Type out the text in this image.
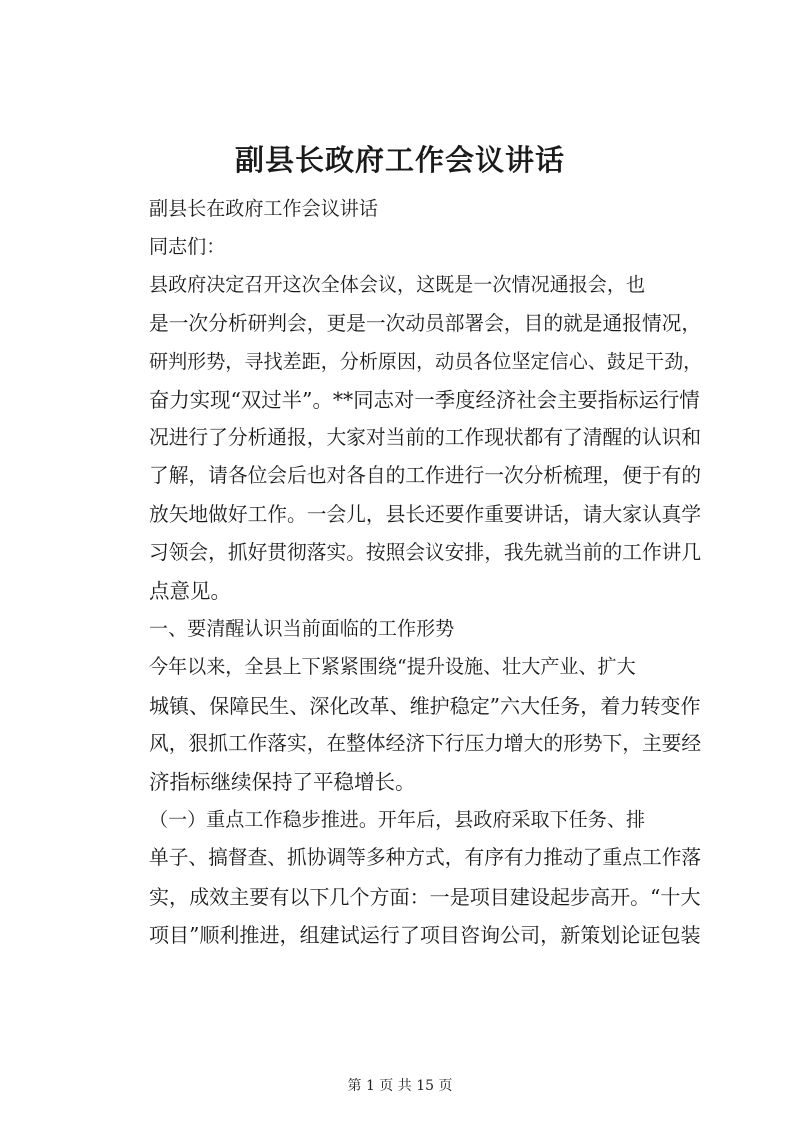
副县长政府工作会议讲话

副县长在政府工作会议讲话

同志们：

县政府决定召开这次全体会议，这既是一次情况通报会，也
是一次分析研判会，更是一次动员部署会，目的就是通报情况，
研判形势，寻找差距，分析原因，动员各位坚定信心、鼓足干劲，
奋力实现“双过半”。**同志对一季度经济社会主要指标运行情
况进行了分析通报，大家对当前的工作现状都有了清醒的认识和
了解，请各位会后也对各自的工作进行一次分析梳理，便于有的
放矢地做好工作。一会儿，县长还要作重要讲话，请大家认真学
习领会，抓好贯彻落实。按照会议安排，我先就当前的工作讲几
点意见。

一、要清醒认识当前面临的工作形势

今年以来，全县上下紧紧围绕“提升设施、壮大产业、扩大
城镇、保障民生、深化改革、维护稳定”六大任务，着力转变作
风，狠抓工作落实，在整体经济下行压力增大的形势下，主要经
济指标继续保持了平稳增长。

（一）重点工作稳步推进。开年后，县政府采取下任务、排
单子、搞督查、抓协调等多种方式，有序有力推动了重点工作落
实，成效主要有以下几个方面：一是项目建设起步高开。“十大
项目”顺利推进，组建试运行了项目咨询公司，新策划论证包装

第 1 页 共 15 页
